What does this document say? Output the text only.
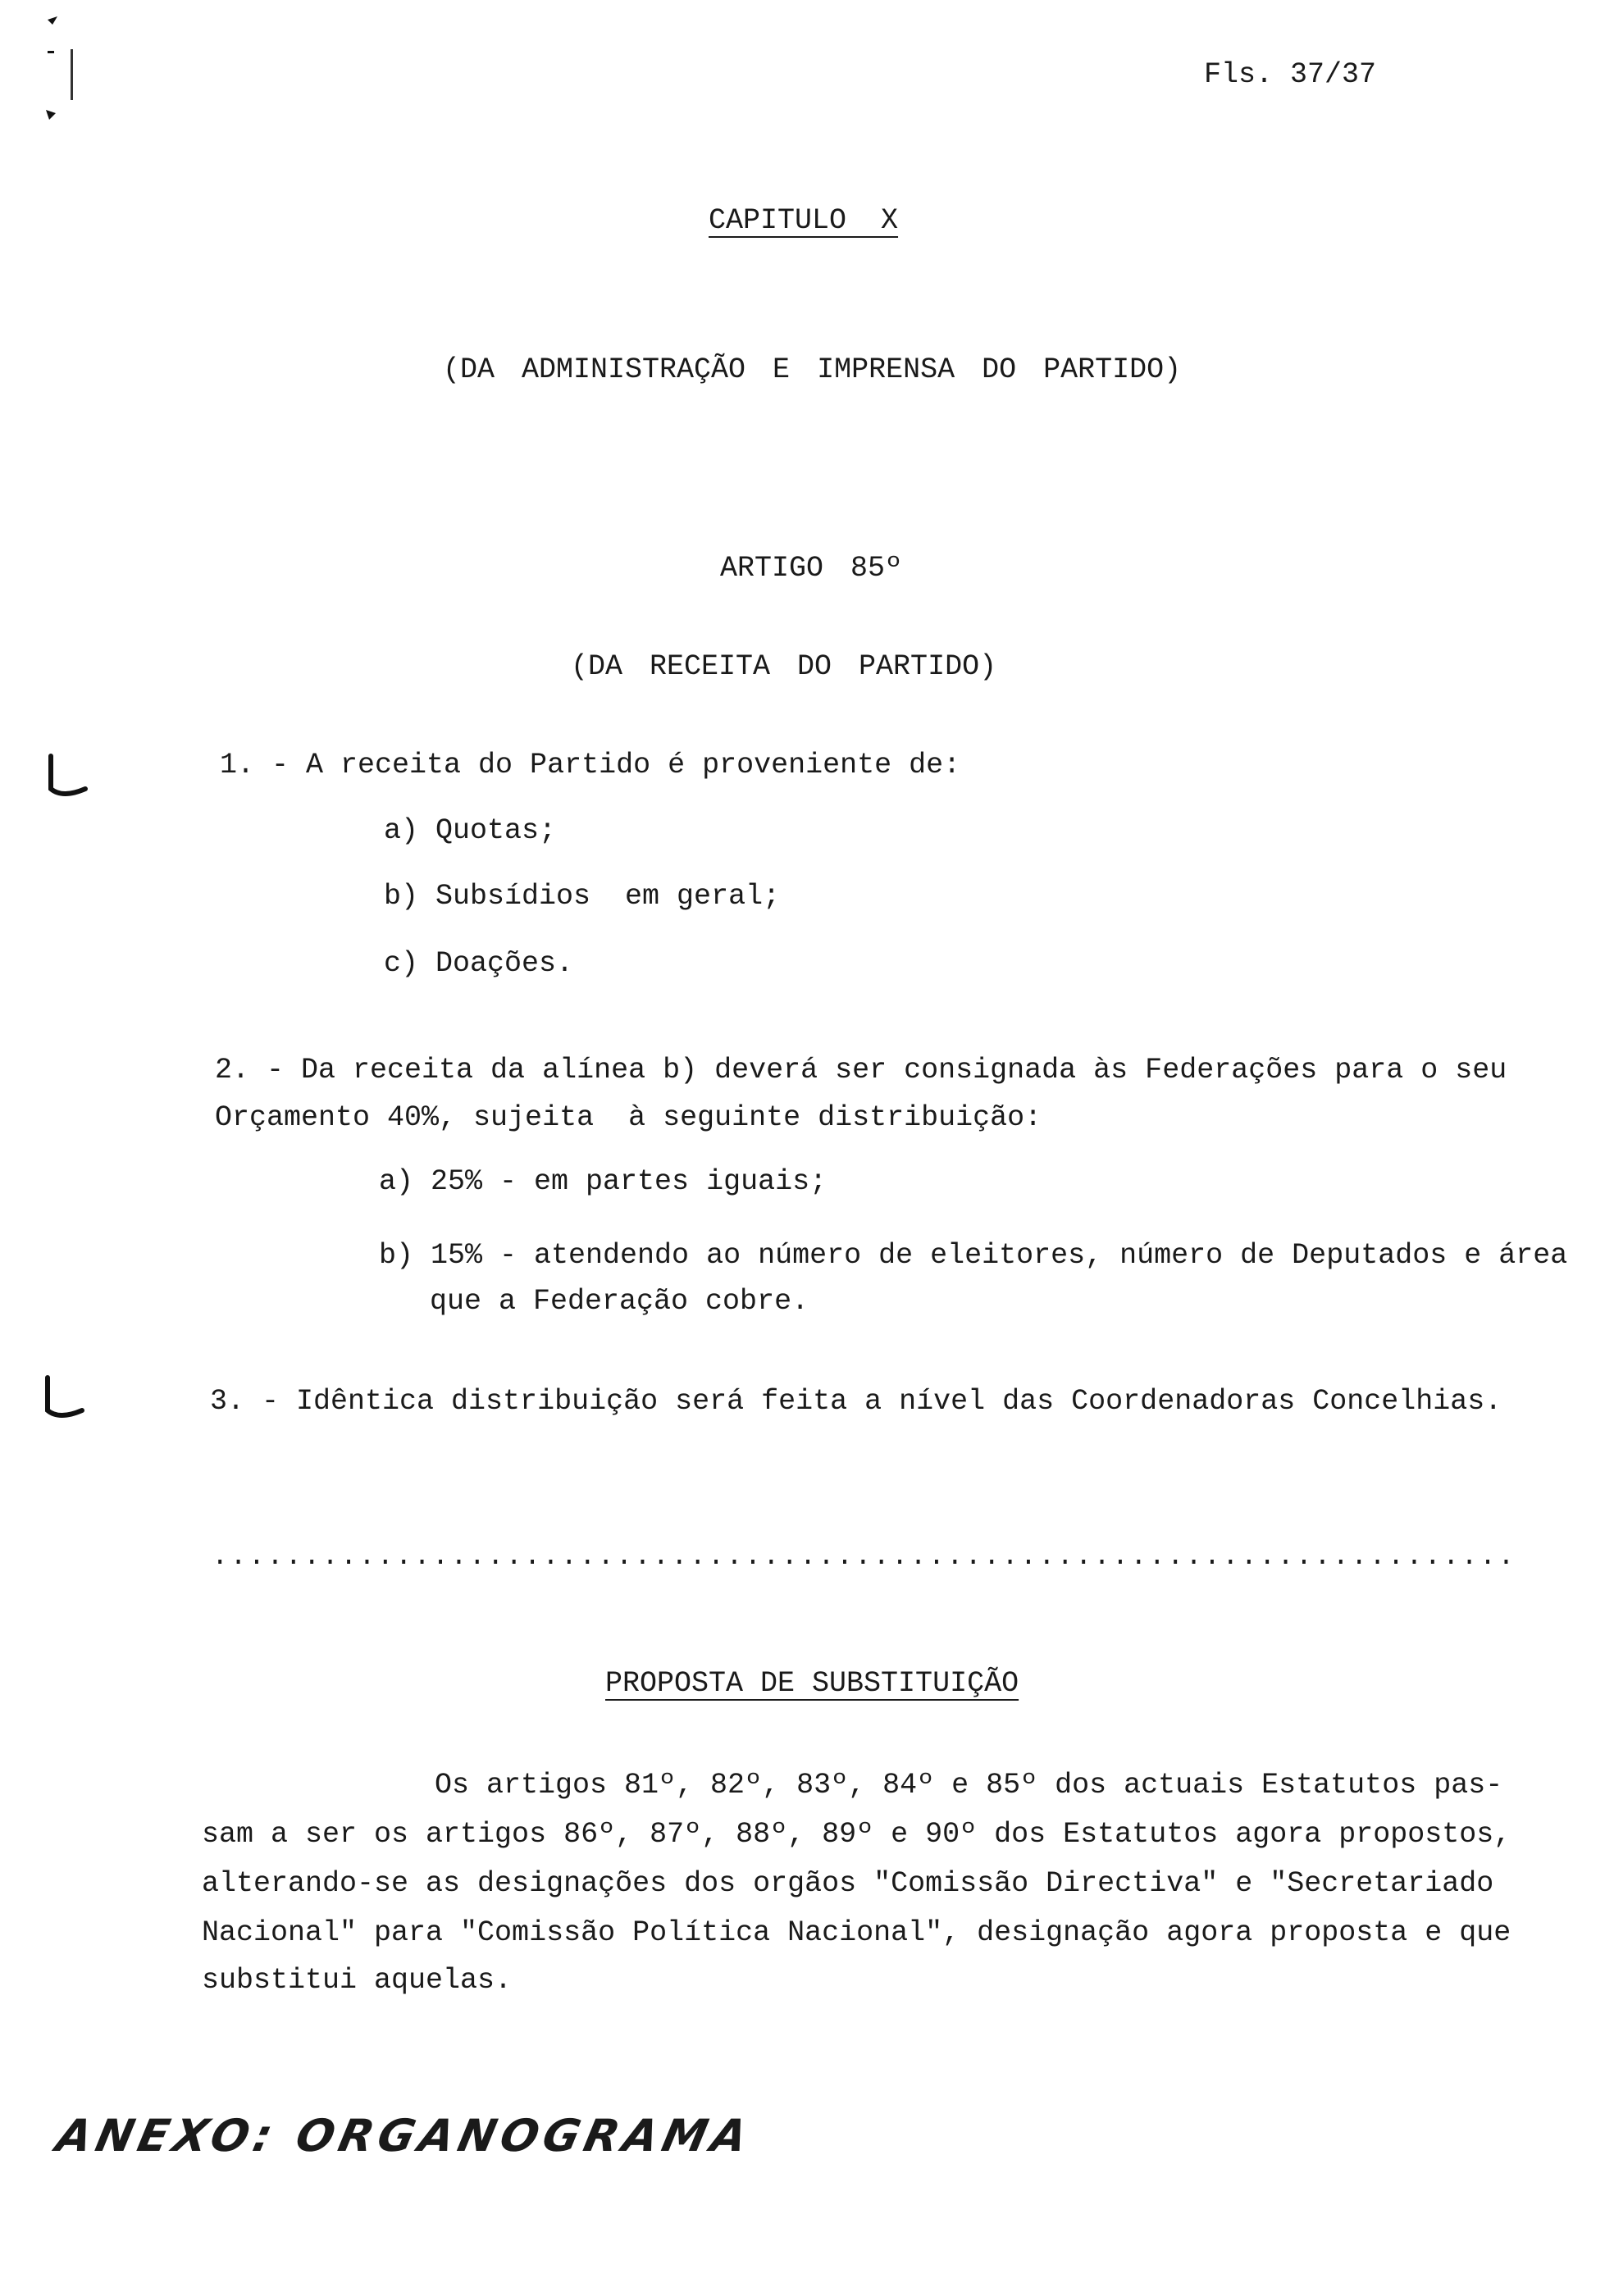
Fls. 37/37
CAPITULO  X
(DA ADMINISTRAÇÃO E IMPRENSA DO PARTIDO)
ARTIGO 85º
(DA RECEITA DO PARTIDO)
1. - A receita do Partido é proveniente de:
a) Quotas;
b) Subsídios  em geral;
c) Doações.
2. - Da receita da alínea b) deverá ser consignada às Federações para o seu
Orçamento 40%, sujeita  à seguinte distribuição:
a) 25% - em partes iguais;
b) 15% - atendendo ao número de eleitores, número de Deputados e área
que a Federação cobre.
3. - Idêntica distribuição será feita a nível das Coordenadoras Concelhias.
.......................................................................
PROPOSTA DE SUBSTITUIÇÃO
Os artigos 81º, 82º, 83º, 84º e 85º dos actuais Estatutos pas-
sam a ser os artigos 86º, 87º, 88º, 89º e 90º dos Estatutos agora propostos,
alterando-se as designações dos orgãos "Comissão Directiva" e "Secretariado
Nacional" para "Comissão Política Nacional", designação agora proposta e que
substitui aquelas.
ANEXO: ORGANOGRAMA
